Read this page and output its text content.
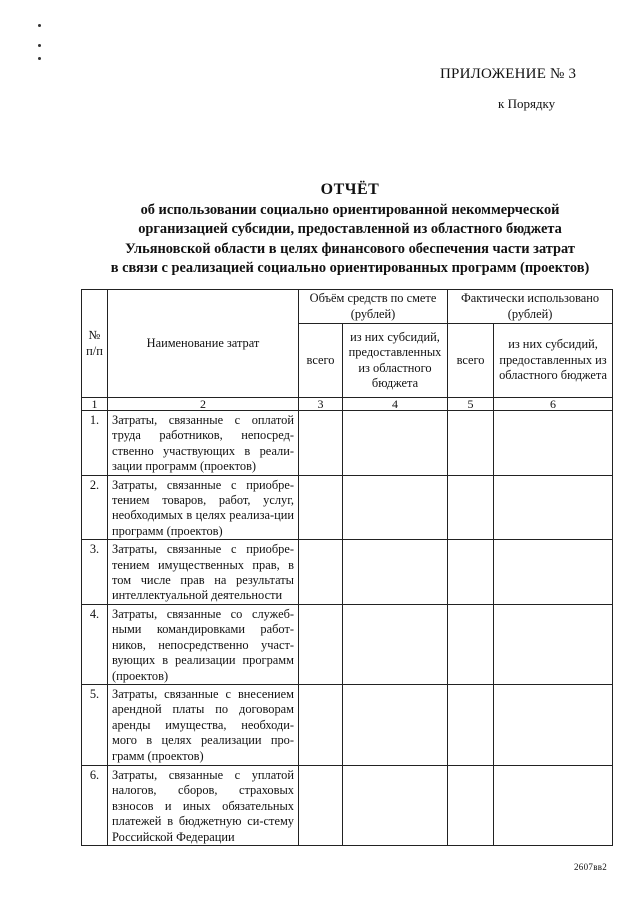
ПРИЛОЖЕНИЕ № 3
к Порядку
ОТЧЁТ
об использовании социально ориентированной некоммерческой
организацией субсидии, предоставленной из областного бюджета
Ульяновской области в целях финансового обеспечения части затрат
в связи с реализацией социально ориентированных программ (проектов)
№ п/п	Наименование затрат	Объём средств по смете (рублей)		Фактически использовано (рублей)	
		всего	из них субсидий, предоставленных из областного бюджета	всего	из них субсидий, предоставленных из областного бюджета
1	2	3	4	5	6
1.	Затраты, связанные с оплатой труда работников, непосред-ственно участвующих в реали-зации программ (проектов)				
2.	Затраты, связанные с приобре-тением товаров, работ, услуг, необходимых в целях реализа-ции программ (проектов)				
3.	Затраты, связанные с приобре-тением имущественных прав, в том числе прав на результаты интеллектуальной деятельности				
4.	Затраты, связанные со служеб-ными командировками работ-ников, непосредственно участ-вующих в реализации программ (проектов)				
5.	Затраты, связанные с внесением арендной платы по договорам аренды имущества, необходи-мого в целях реализации про-грамм (проектов)				
6.	Затраты, связанные с уплатой налогов, сборов, страховых взносов и иных обязательных платежей в бюджетную си-стему Российской Федерации				
2607вв2
